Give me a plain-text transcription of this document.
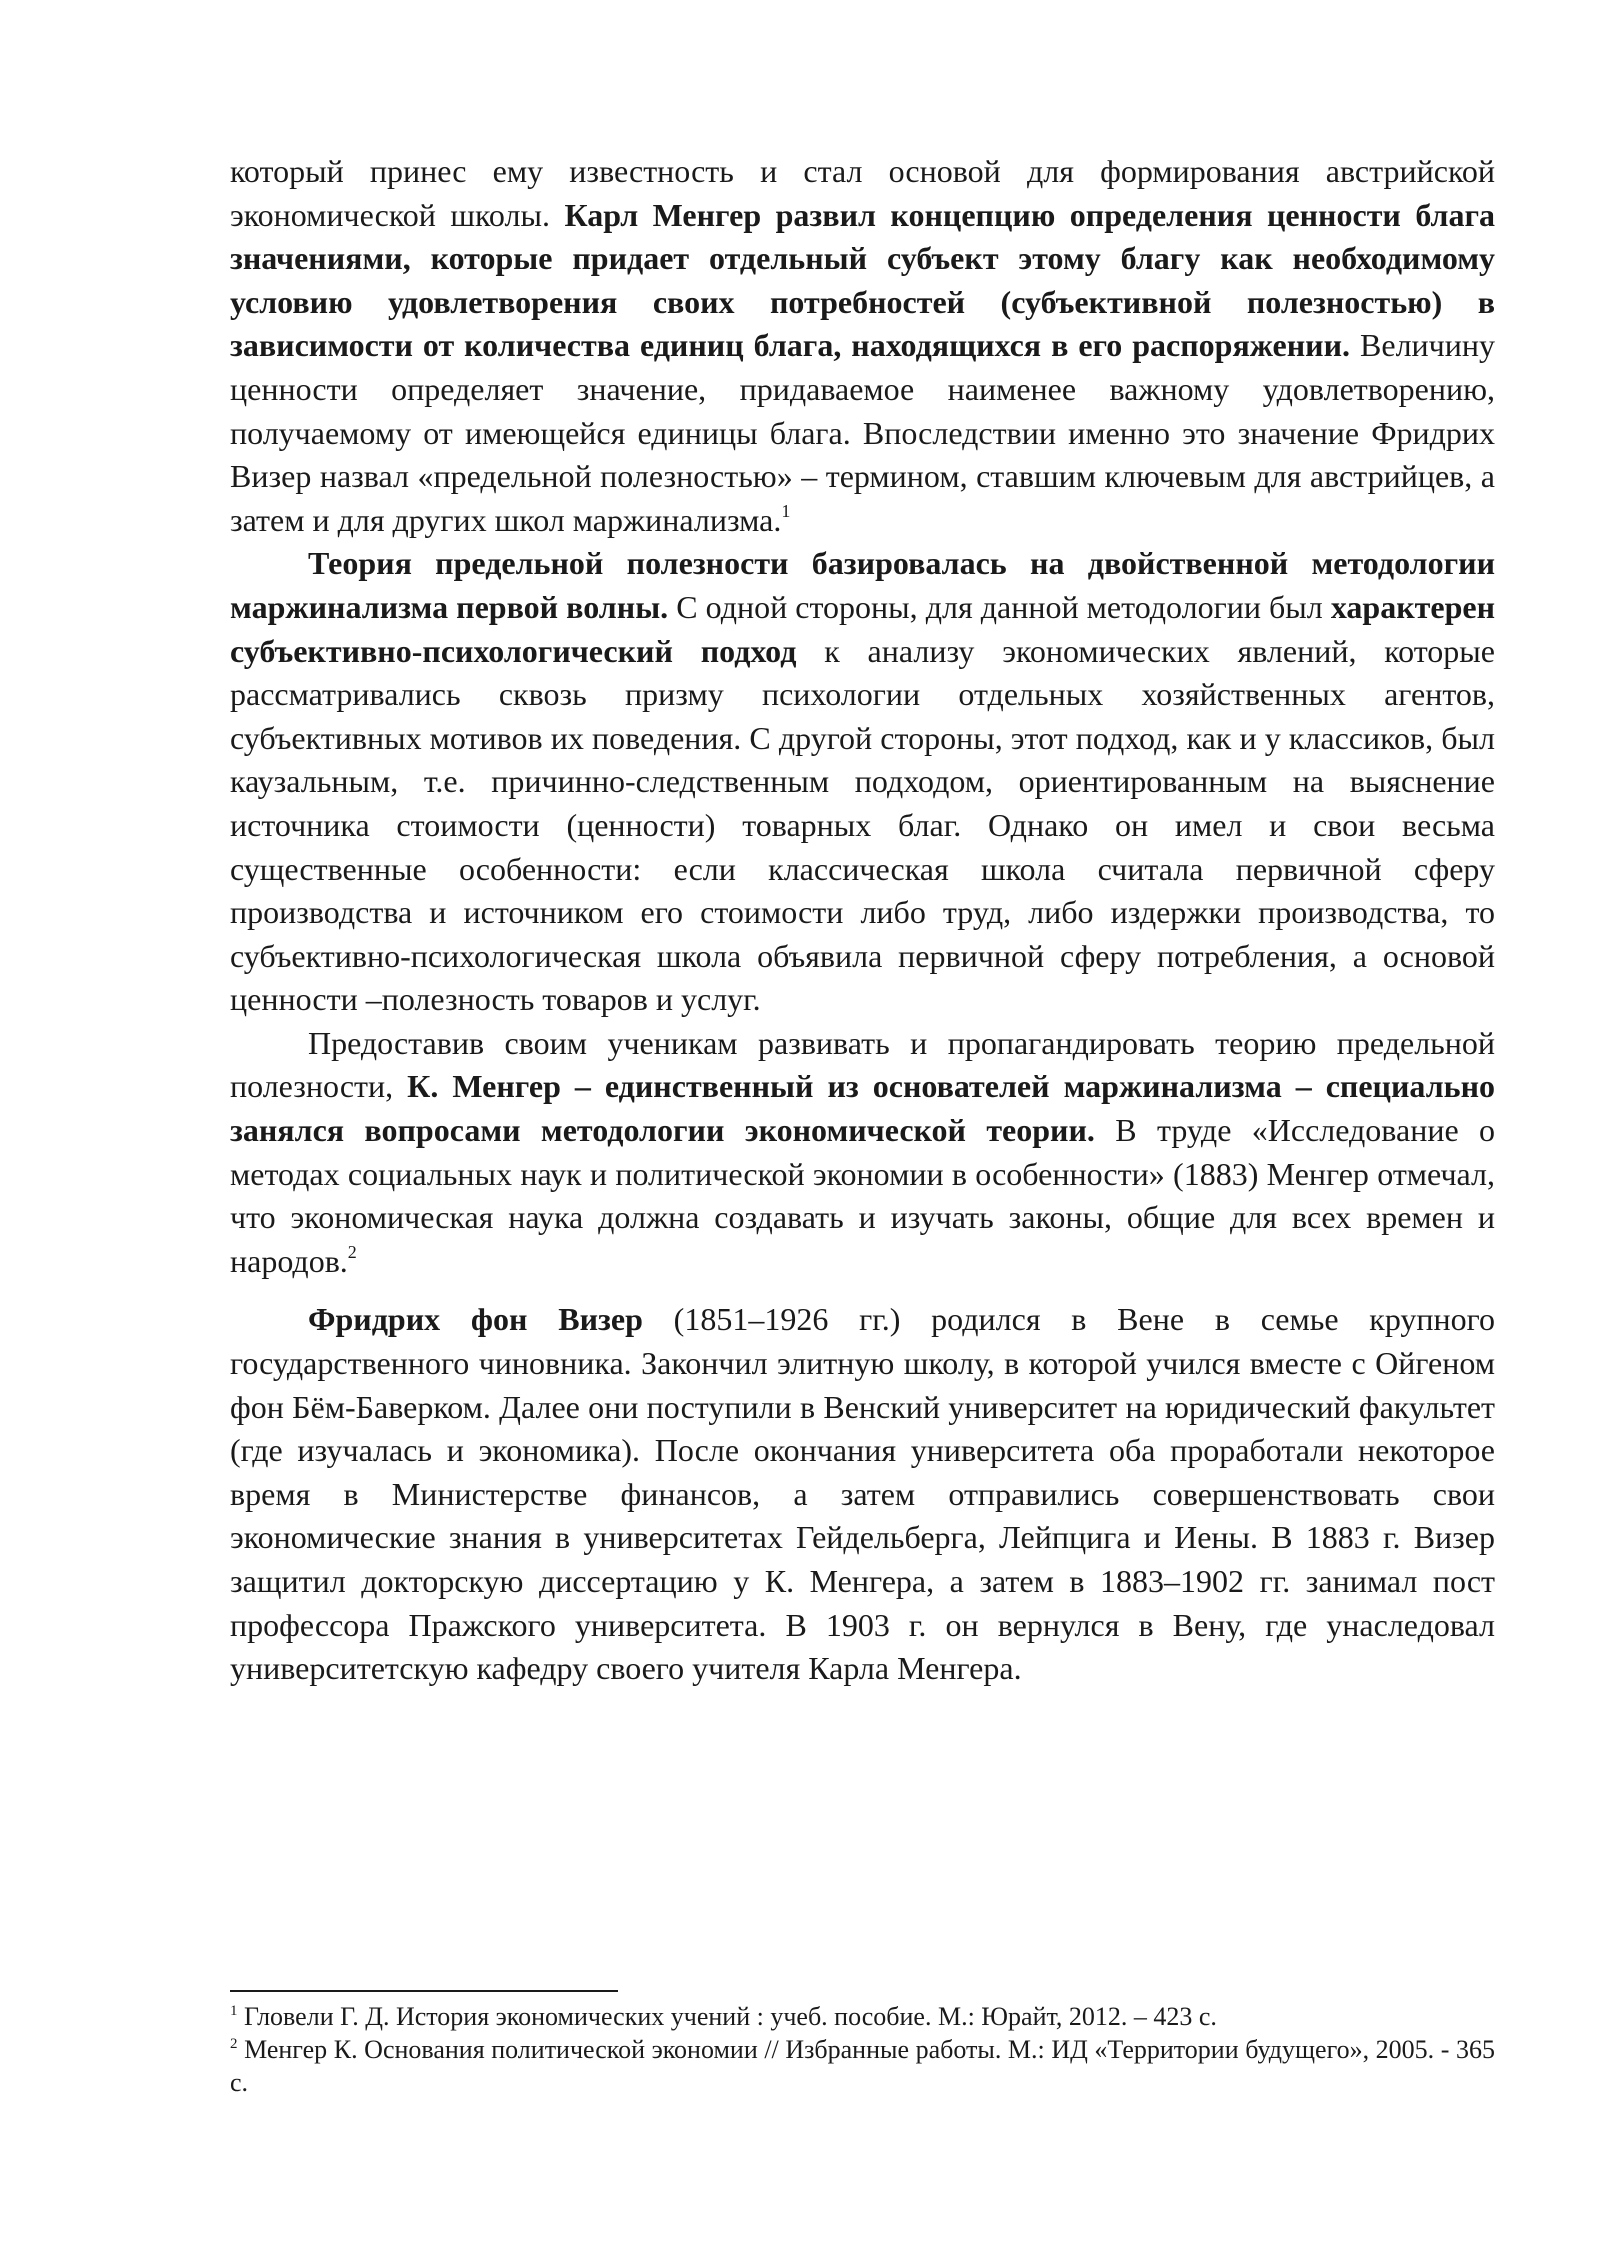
который принес ему известность и стал основой для формирования австрийской экономической школы. Карл Менгер развил концепцию определения ценности блага значениями, которые придает отдельный субъект этому благу как необходимому условию удовлетворения своих потребностей (субъективной полезностью) в зависимости от количества единиц блага, находящихся в его распоряжении. Величину ценности определяет значение, придаваемое наименее важному удовлетворению, получаемому от имеющейся единицы блага. Впоследствии именно это значение Фридрих Визер назвал «предельной полезностью» – термином, ставшим ключевым для австрийцев, а затем и для других школ маржинализма.$^1$

Теория предельной полезности базировалась на двойственной методологии маржинализма первой волны. С одной стороны, для данной методологии был характерен субъективно-психологический подход к анализу экономических явлений, которые рассматривались сквозь призму психологии отдельных хозяйственных агентов, субъективных мотивов их поведения. С другой стороны, этот подход, как и у классиков, был каузальным, т.е. причинно-следственным подходом, ориентированным на выяснение источника стоимости (ценности) товарных благ. Однако он имел и свои весьма существенные особенности: если классическая школа считала первичной сферу производства и источником его стоимости либо труд, либо издержки производства, то субъективно-психологическая школа объявила первичной сферу потребления, а основой ценности –полезность товаров и услуг.

Предоставив своим ученикам развивать и пропагандировать теорию предельной полезности, К. Менгер – единственный из основателей маржинализма – специально занялся вопросами методологии экономической теории. В труде «Исследование о методах социальных наук и политической экономии в особенности» (1883) Менгер отмечал, что экономическая наука должна создавать и изучать законы, общие для всех времен и народов.$^2$

Фридрих фон Визер (1851–1926 гг.) родился в Вене в семье крупного государственного чиновника. Закончил элитную школу, в которой учился вместе с Ойгеном фон Бём-Баверком. Далее они поступили в Венский университет на юридический факультет (где изучалась и экономика). После окончания университета оба проработали некоторое время в Министерстве финансов, а затем отправились совершенствовать свои экономические знания в университетах Гейдельберга, Лейпцига и Иены. В 1883 г. Визер защитил докторскую диссертацию у К. Менгера, а затем в 1883–1902 гг. занимал пост профессора Пражского университета. В 1903 г. он вернулся в Вену, где унаследовал университетскую кафедру своего учителя Карла Менгера.

$^1$ Гловели Г. Д. История экономических учений : учеб. пособие. М.: Юрайт, 2012. – 423 с.

$^2$ Менгер К. Основания политической экономии // Избранные работы. М.: ИД «Территории будущего», 2005. - 365 с.
